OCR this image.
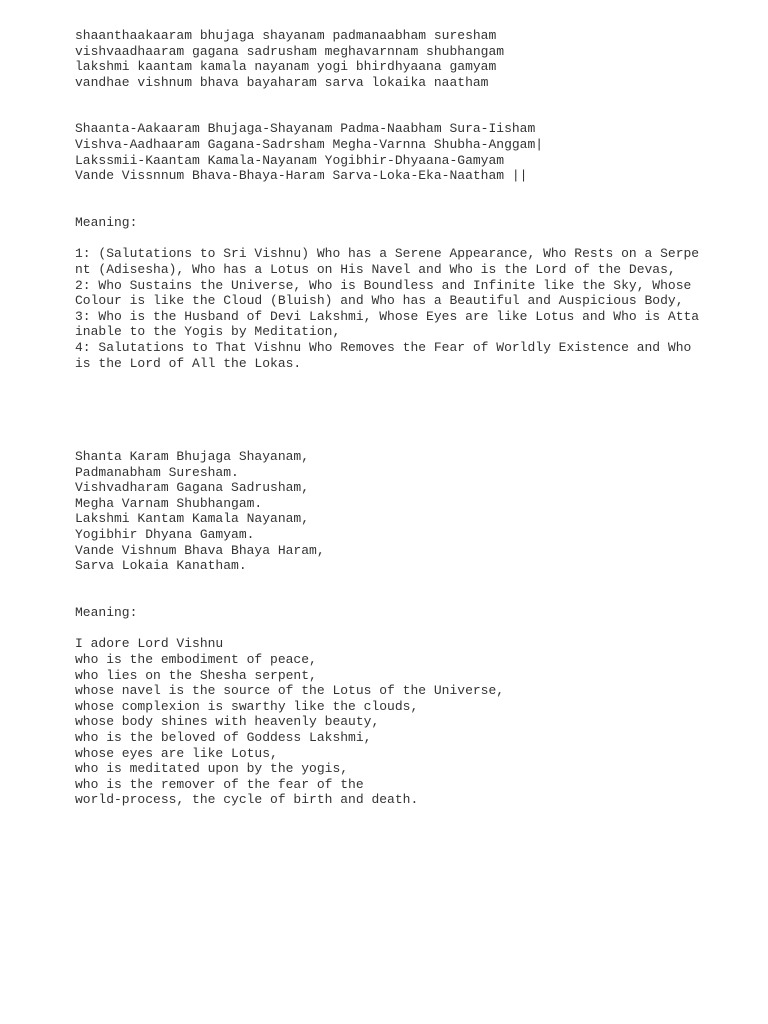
shaanthaakaaram bhujaga shayanam padmanaabham suresham
vishvaadhaaram gagana sadrusham meghavarnnam shubhangam
lakshmi kaantam kamala nayanam yogi bhirdhyaana gamyam
vandhae vishnum bhava bayaharam sarva lokaika naatham
Shaanta-Aakaaram Bhujaga-Shayanam Padma-Naabham Sura-Iisham
Vishva-Aadhaaram Gagana-Sadrsham Megha-Varnna Shubha-Anggam|
Lakssmii-Kaantam Kamala-Nayanam Yogibhir-Dhyaana-Gamyam
Vande Vissnnum Bhava-Bhaya-Haram Sarva-Loka-Eka-Naatham ||
Meaning:
1: (Salutations to Sri Vishnu) Who has a Serene Appearance, Who Rests on a Serpe
nt (Adisesha), Who has a Lotus on His Navel and Who is the Lord of the Devas,
2: Who Sustains the Universe, Who is Boundless and Infinite like the Sky, Whose
Colour is like the Cloud (Bluish) and Who has a Beautiful and Auspicious Body,
3: Who is the Husband of Devi Lakshmi, Whose Eyes are like Lotus and Who is Atta
inable to the Yogis by Meditation,
4: Salutations to That Vishnu Who Removes the Fear of Worldly Existence and Who
is the Lord of All the Lokas.
Shanta Karam Bhujaga Shayanam,
Padmanabham Suresham.
Vishvadharam Gagana Sadrusham,
Megha Varnam Shubhangam.
Lakshmi Kantam Kamala Nayanam,
Yogibhir Dhyana Gamyam.
Vande Vishnum Bhava Bhaya Haram,
Sarva Lokaia Kanatham.
Meaning:
I adore Lord Vishnu
who is the embodiment of peace,
who lies on the Shesha serpent,
whose navel is the source of the Lotus of the Universe,
whose complexion is swarthy like the clouds,
whose body shines with heavenly beauty,
who is the beloved of Goddess Lakshmi,
whose eyes are like Lotus,
who is meditated upon by the yogis,
who is the remover of the fear of the
world-process, the cycle of birth and death.
